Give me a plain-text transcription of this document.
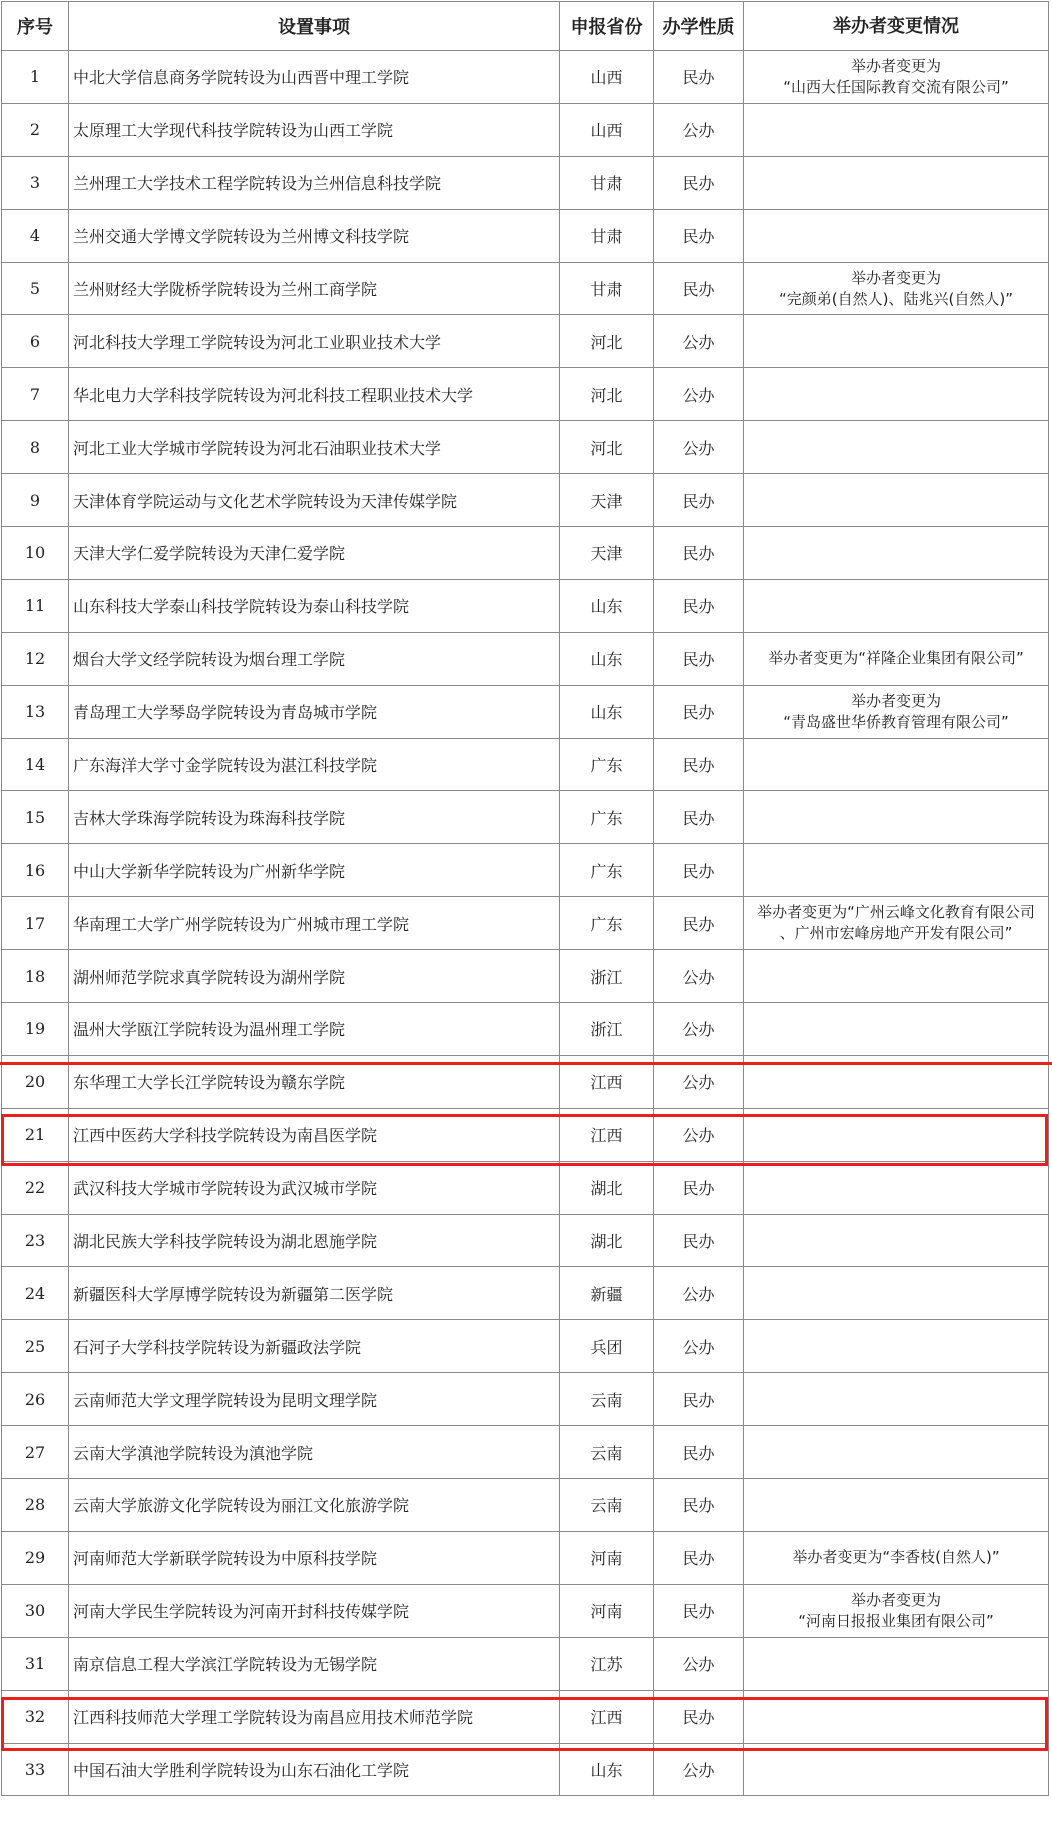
序号	设置事项	申报省份	办学性质	举办者变更情况
1	中北大学信息商务学院转设为山西晋中理工学院	山西	民办	举办者变更为
“山西大任国际教育交流有限公司”

2	太原理工大学现代科技学院转设为山西工学院	山西	公办	
3	兰州理工大学技术工程学院转设为兰州信息科技学院	甘肃	民办	
4	兰州交通大学博文学院转设为兰州博文科技学院	甘肃	民办	
5	兰州财经大学陇桥学院转设为兰州工商学院	甘肃	民办	举办者变更为
“完颜弟(自然人)、陆兆兴(自然人)”

6	河北科技大学理工学院转设为河北工业职业技术大学	河北	公办	
7	华北电力大学科技学院转设为河北科技工程职业技术大学	河北	公办	
8	河北工业大学城市学院转设为河北石油职业技术大学	河北	公办	
9	天津体育学院运动与文化艺术学院转设为天津传媒学院	天津	民办	
10	天津大学仁爱学院转设为天津仁爱学院	天津	民办	
11	山东科技大学泰山科技学院转设为泰山科技学院	山东	民办	
12	烟台大学文经学院转设为烟台理工学院	山东	民办	举办者变更为“祥隆企业集团有限公司”

13	青岛理工大学琴岛学院转设为青岛城市学院	山东	民办	举办者变更为
“青岛盛世华侨教育管理有限公司”

14	广东海洋大学寸金学院转设为湛江科技学院	广东	民办	
15	吉林大学珠海学院转设为珠海科技学院	广东	民办	
16	中山大学新华学院转设为广州新华学院	广东	民办	
17	华南理工大学广州学院转设为广州城市理工学院	广东	民办	举办者变更为“广州云峰文化教育有限公司
、广州市宏峰房地产开发有限公司”

18	湖州师范学院求真学院转设为湖州学院	浙江	公办	
19	温州大学瓯江学院转设为温州理工学院	浙江	公办	
20	东华理工大学长江学院转设为赣东学院	江西	公办	
21	江西中医药大学科技学院转设为南昌医学院	江西	公办	
22	武汉科技大学城市学院转设为武汉城市学院	湖北	民办	
23	湖北民族大学科技学院转设为湖北恩施学院	湖北	民办	
24	新疆医科大学厚博学院转设为新疆第二医学院	新疆	公办	
25	石河子大学科技学院转设为新疆政法学院	兵团	公办	
26	云南师范大学文理学院转设为昆明文理学院	云南	民办	
27	云南大学滇池学院转设为滇池学院	云南	民办	
28	云南大学旅游文化学院转设为丽江文化旅游学院	云南	民办	
29	河南师范大学新联学院转设为中原科技学院	河南	民办	举办者变更为“李香枝(自然人)”

30	河南大学民生学院转设为河南开封科技传媒学院	河南	民办	举办者变更为
“河南日报报业集团有限公司”

31	南京信息工程大学滨江学院转设为无锡学院	江苏	公办	
32	江西科技师范大学理工学院转设为南昌应用技术师范学院	江西	民办	
33	中国石油大学胜利学院转设为山东石油化工学院	山东	公办	
